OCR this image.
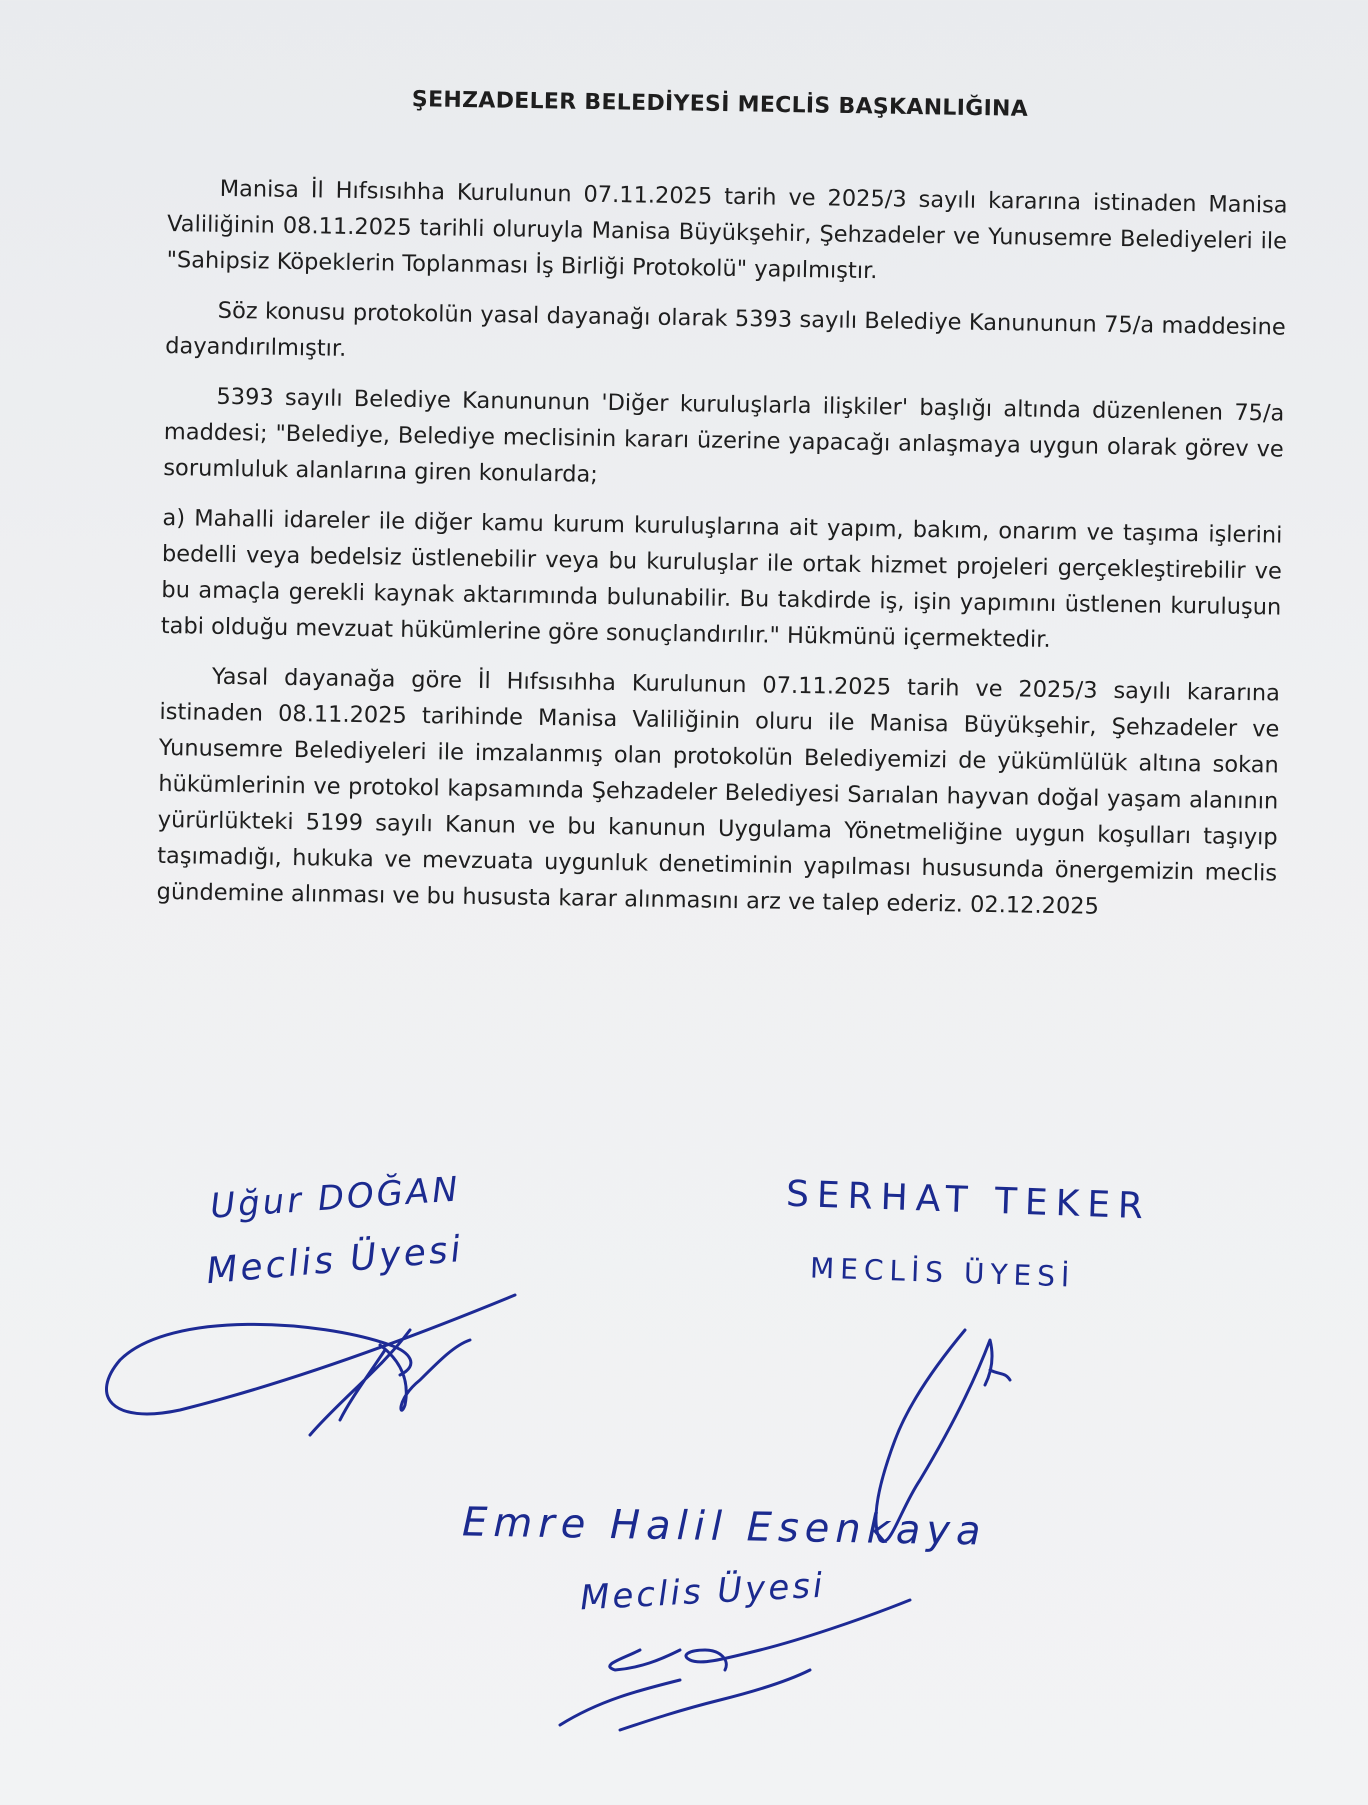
ŞEHZADELER BELEDİYESİ MECLİS BAŞKANLIĞINA

Manisa İl Hıfsısıhha Kurulunun 07.11.2025 tarih ve 2025/3 sayılı kararına istinaden Manisa Valiliğinin 08.11.2025 tarihli oluruyla Manisa Büyükşehir, Şehzadeler ve Yunusemre Belediyeleri ile "Sahipsiz Köpeklerin Toplanması İş Birliği Protokolü" yapılmıştır.

Söz konusu protokolün yasal dayanağı olarak 5393 sayılı Belediye Kanununun 75/a maddesine dayandırılmıştır.

5393 sayılı Belediye Kanununun 'Diğer kuruluşlarla ilişkiler' başlığı altında düzenlenen 75/a maddesi; "Belediye, Belediye meclisinin kararı üzerine yapacağı anlaşmaya uygun olarak görev ve sorumluluk alanlarına giren konularda;

a) Mahalli idareler ile diğer kamu kurum kuruluşlarına ait yapım, bakım, onarım ve taşıma işlerini bedelli veya bedelsiz üstlenebilir veya bu kuruluşlar ile ortak hizmet projeleri gerçekleştirebilir ve bu amaçla gerekli kaynak aktarımında bulunabilir. Bu takdirde iş, işin yapımını üstlenen kuruluşun tabi olduğu mevzuat hükümlerine göre sonuçlandırılır." Hükmünü içermektedir.

Yasal dayanağa göre İl Hıfsısıhha Kurulunun 07.11.2025 tarih ve 2025/3 sayılı kararına istinaden 08.11.2025 tarihinde Manisa Valiliğinin oluru ile Manisa Büyükşehir, Şehzadeler ve Yunusemre Belediyeleri ile imzalanmış olan protokolün Belediyemizi de yükümlülük altına sokan hükümlerinin ve protokol kapsamında Şehzadeler Belediyesi Sarıalan hayvan doğal yaşam alanının yürürlükteki 5199 sayılı Kanun ve bu kanunun Uygulama Yönetmeliğine uygun koşulları taşıyıp taşımadığı, hukuka ve mevzuata uygunluk denetiminin yapılması hususunda önergemizin meclis gündemine alınması ve bu hususta karar alınmasını arz ve talep ederiz. 02.12.2025

Uğur DOĞAN
Meclis Üyesi
SERHAT TEKER
MECLİS ÜYESİ
Emre Halil Esenkaya
Meclis Üyesi
